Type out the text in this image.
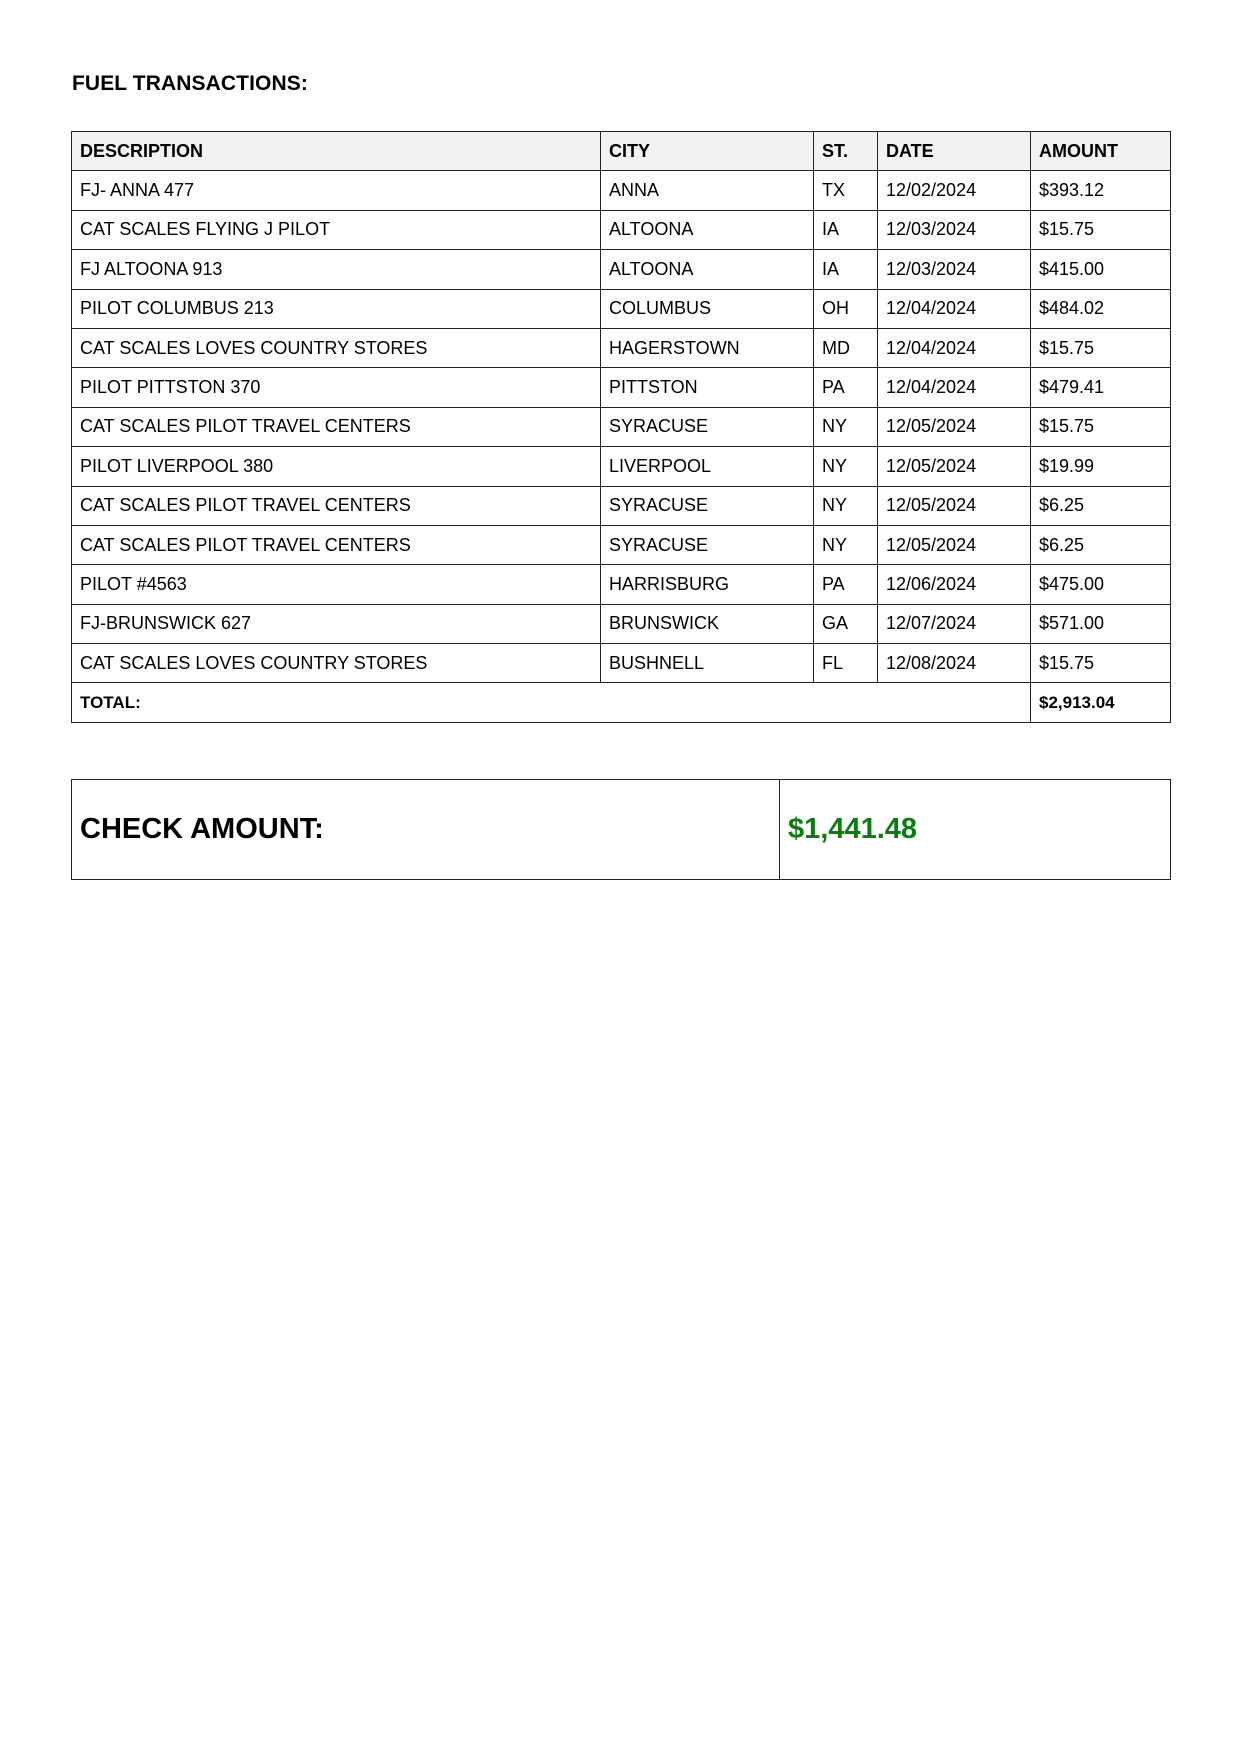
FUEL TRANSACTIONS:
DESCRIPTION	CITY	ST.	DATE	AMOUNT
FJ- ANNA 477	ANNA	TX	12/02/2024	$393.12
CAT SCALES FLYING J PILOT	ALTOONA	IA	12/03/2024	$15.75
FJ ALTOONA 913	ALTOONA	IA	12/03/2024	$415.00
PILOT COLUMBUS 213	COLUMBUS	OH	12/04/2024	$484.02
CAT SCALES LOVES COUNTRY STORES	HAGERSTOWN	MD	12/04/2024	$15.75
PILOT PITTSTON 370	PITTSTON	PA	12/04/2024	$479.41
CAT SCALES PILOT TRAVEL CENTERS	SYRACUSE	NY	12/05/2024	$15.75
PILOT LIVERPOOL 380	LIVERPOOL	NY	12/05/2024	$19.99
CAT SCALES PILOT TRAVEL CENTERS	SYRACUSE	NY	12/05/2024	$6.25
CAT SCALES PILOT TRAVEL CENTERS	SYRACUSE	NY	12/05/2024	$6.25
PILOT #4563	HARRISBURG	PA	12/06/2024	$475.00
FJ-BRUNSWICK 627	BRUNSWICK	GA	12/07/2024	$571.00
CAT SCALES LOVES COUNTRY STORES	BUSHNELL	FL	12/08/2024	$15.75
TOTAL:				$2,913.04
CHECK AMOUNT:	$1,441.48
